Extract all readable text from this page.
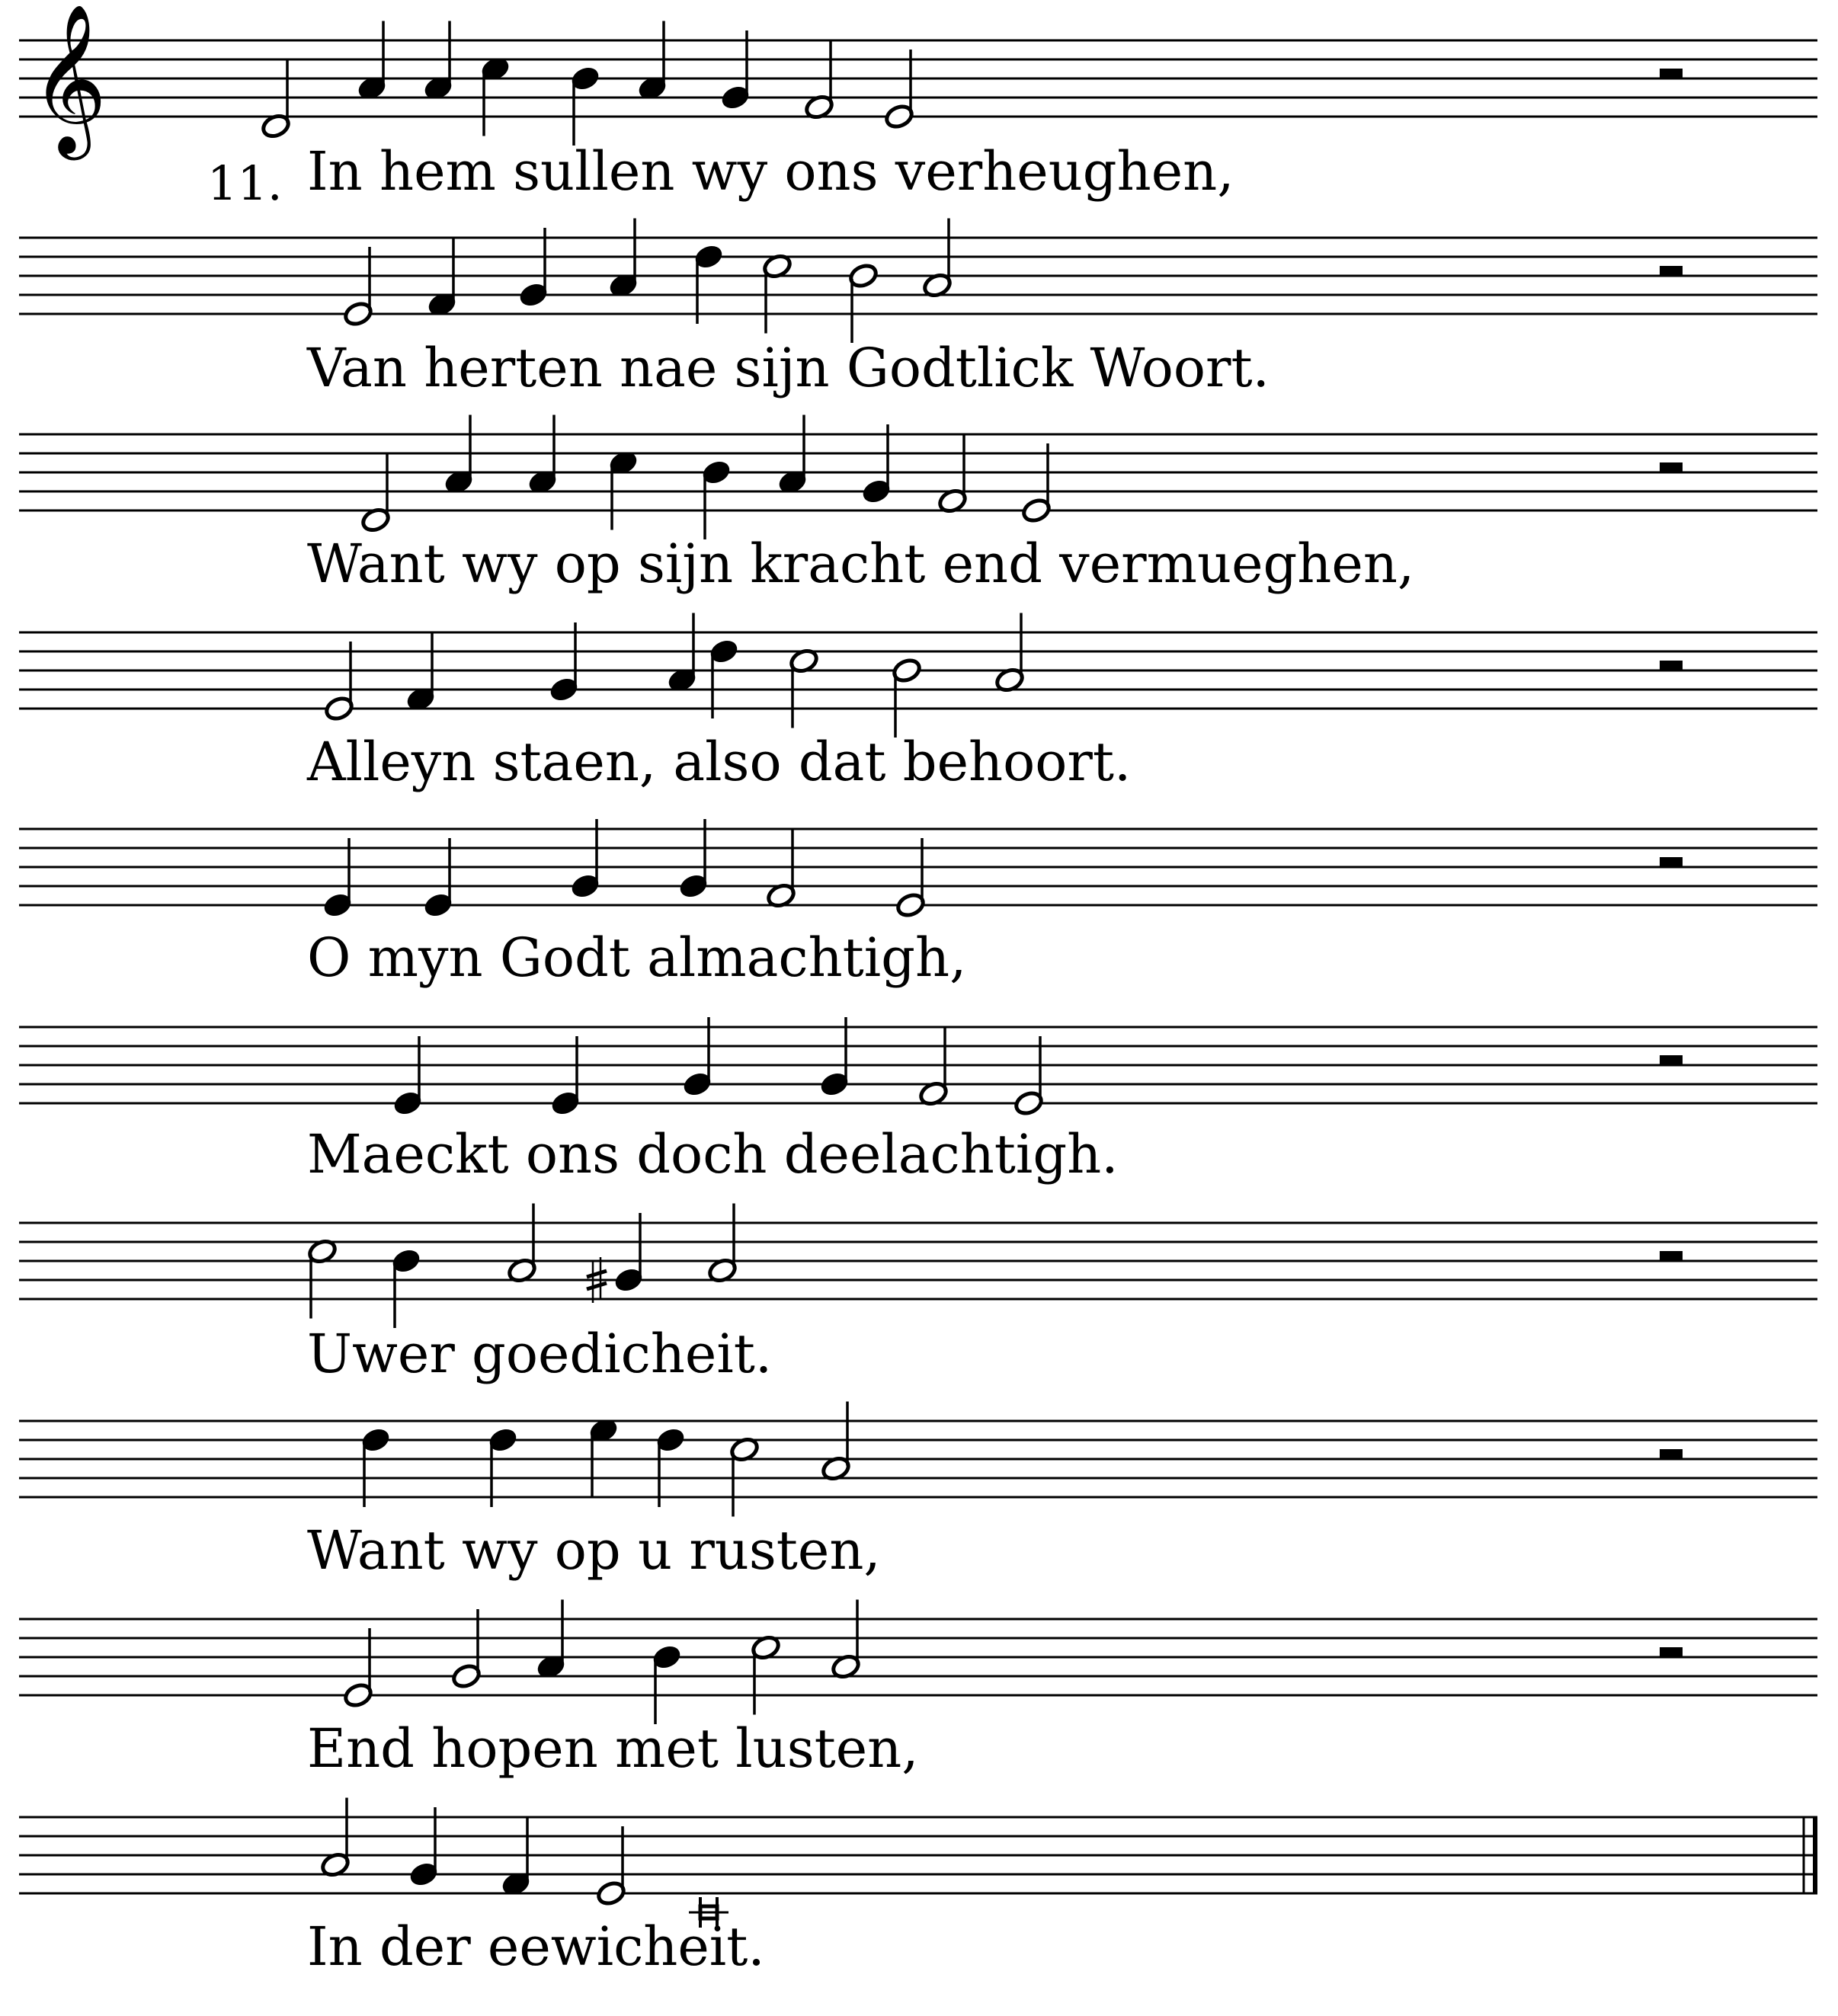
𝄞
11. In hem sullen wy ons verheughen,
Van herten nae sijn Godtlick Woort.
Want wy op sijn kracht end vermueghen,
Alleyn staen, also dat behoort.
O myn Godt almachtigh,
Maeckt ons doch deelachtigh.
Uwer goedicheit.
Want wy op u rusten,
End hopen met lusten,
In der eewicheit.
